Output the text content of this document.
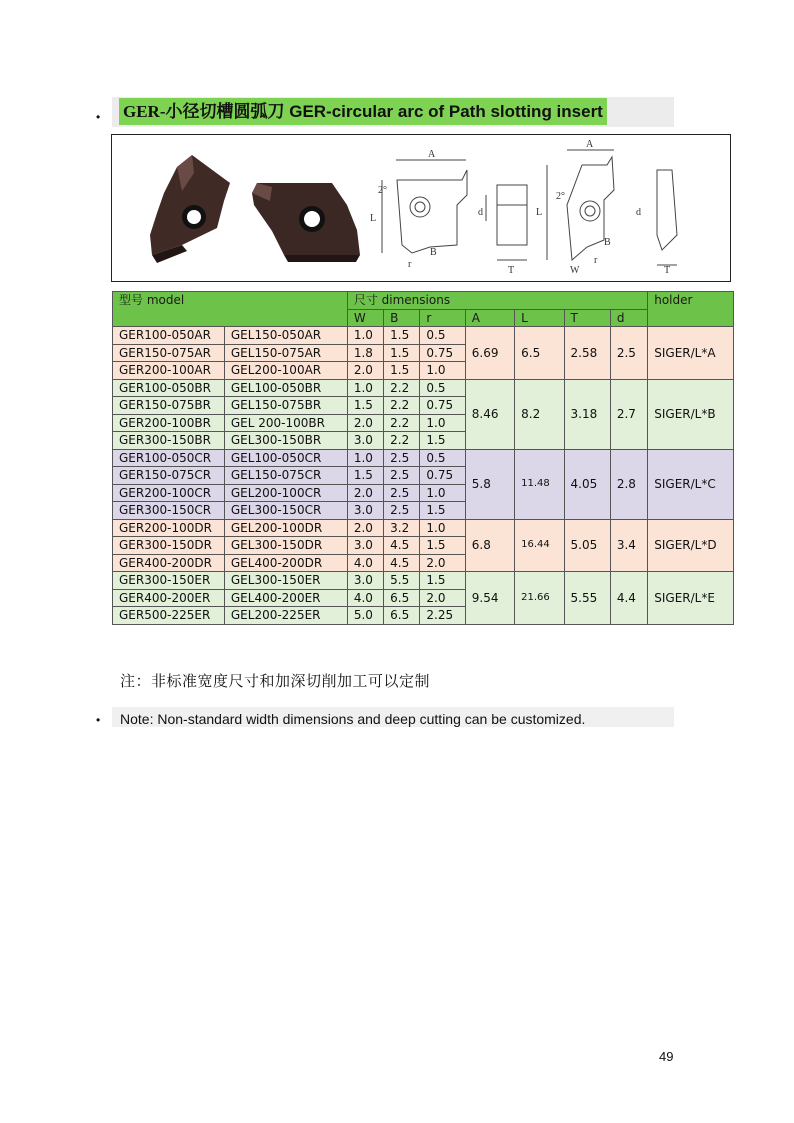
• GER-小径切槽圆弧刀 GER-circular arc of Path slotting insert
A
L
B
r
2°
d
T
A
L
2°
r
B
W
d
T
型号 model		尺寸 dimensions							holder
		W	B	r	A	L	T	d	
GER100-050AR	GEL150-050AR	1.0	1.5	0.5	6.69	6.5	2.58	2.5	SIGER/L*A
GER150-075AR	GEL150-075AR	1.8	1.5	0.75					
GER200-100AR	GEL200-100AR	2.0	1.5	1.0					
GER100-050BR	GEL100-050BR	1.0	2.2	0.5	8.46	8.2	3.18	2.7	SIGER/L*B
GER150-075BR	GEL150-075BR	1.5	2.2	0.75					
GER200-100BR	GEL 200-100BR	2.0	2.2	1.0					
GER300-150BR	GEL300-150BR	3.0	2.2	1.5					
GER100-050CR	GEL100-050CR	1.0	2.5	0.5	5.8	11.48	4.05	2.8	SIGER/L*C
GER150-075CR	GEL150-075CR	1.5	2.5	0.75					
GER200-100CR	GEL200-100CR	2.0	2.5	1.0					
GER300-150CR	GEL300-150CR	3.0	2.5	1.5					
GER200-100DR	GEL200-100DR	2.0	3.2	1.0	6.8	16.44	5.05	3.4	SIGER/L*D
GER300-150DR	GEL300-150DR	3.0	4.5	1.5					
GER400-200DR	GEL400-200DR	4.0	4.5	2.0					
GER300-150ER	GEL300-150ER	3.0	5.5	1.5	9.54	21.66	5.55	4.4	SIGER/L*E
GER400-200ER	GEL400-200ER	4.0	6.5	2.0					
GER500-225ER	GEL200-225ER	5.0	6.5	2.25					
注：非标准宽度尺寸和加深切削加工可以定制
• Note: Non-standard width dimensions and deep cutting can be customized.
49
